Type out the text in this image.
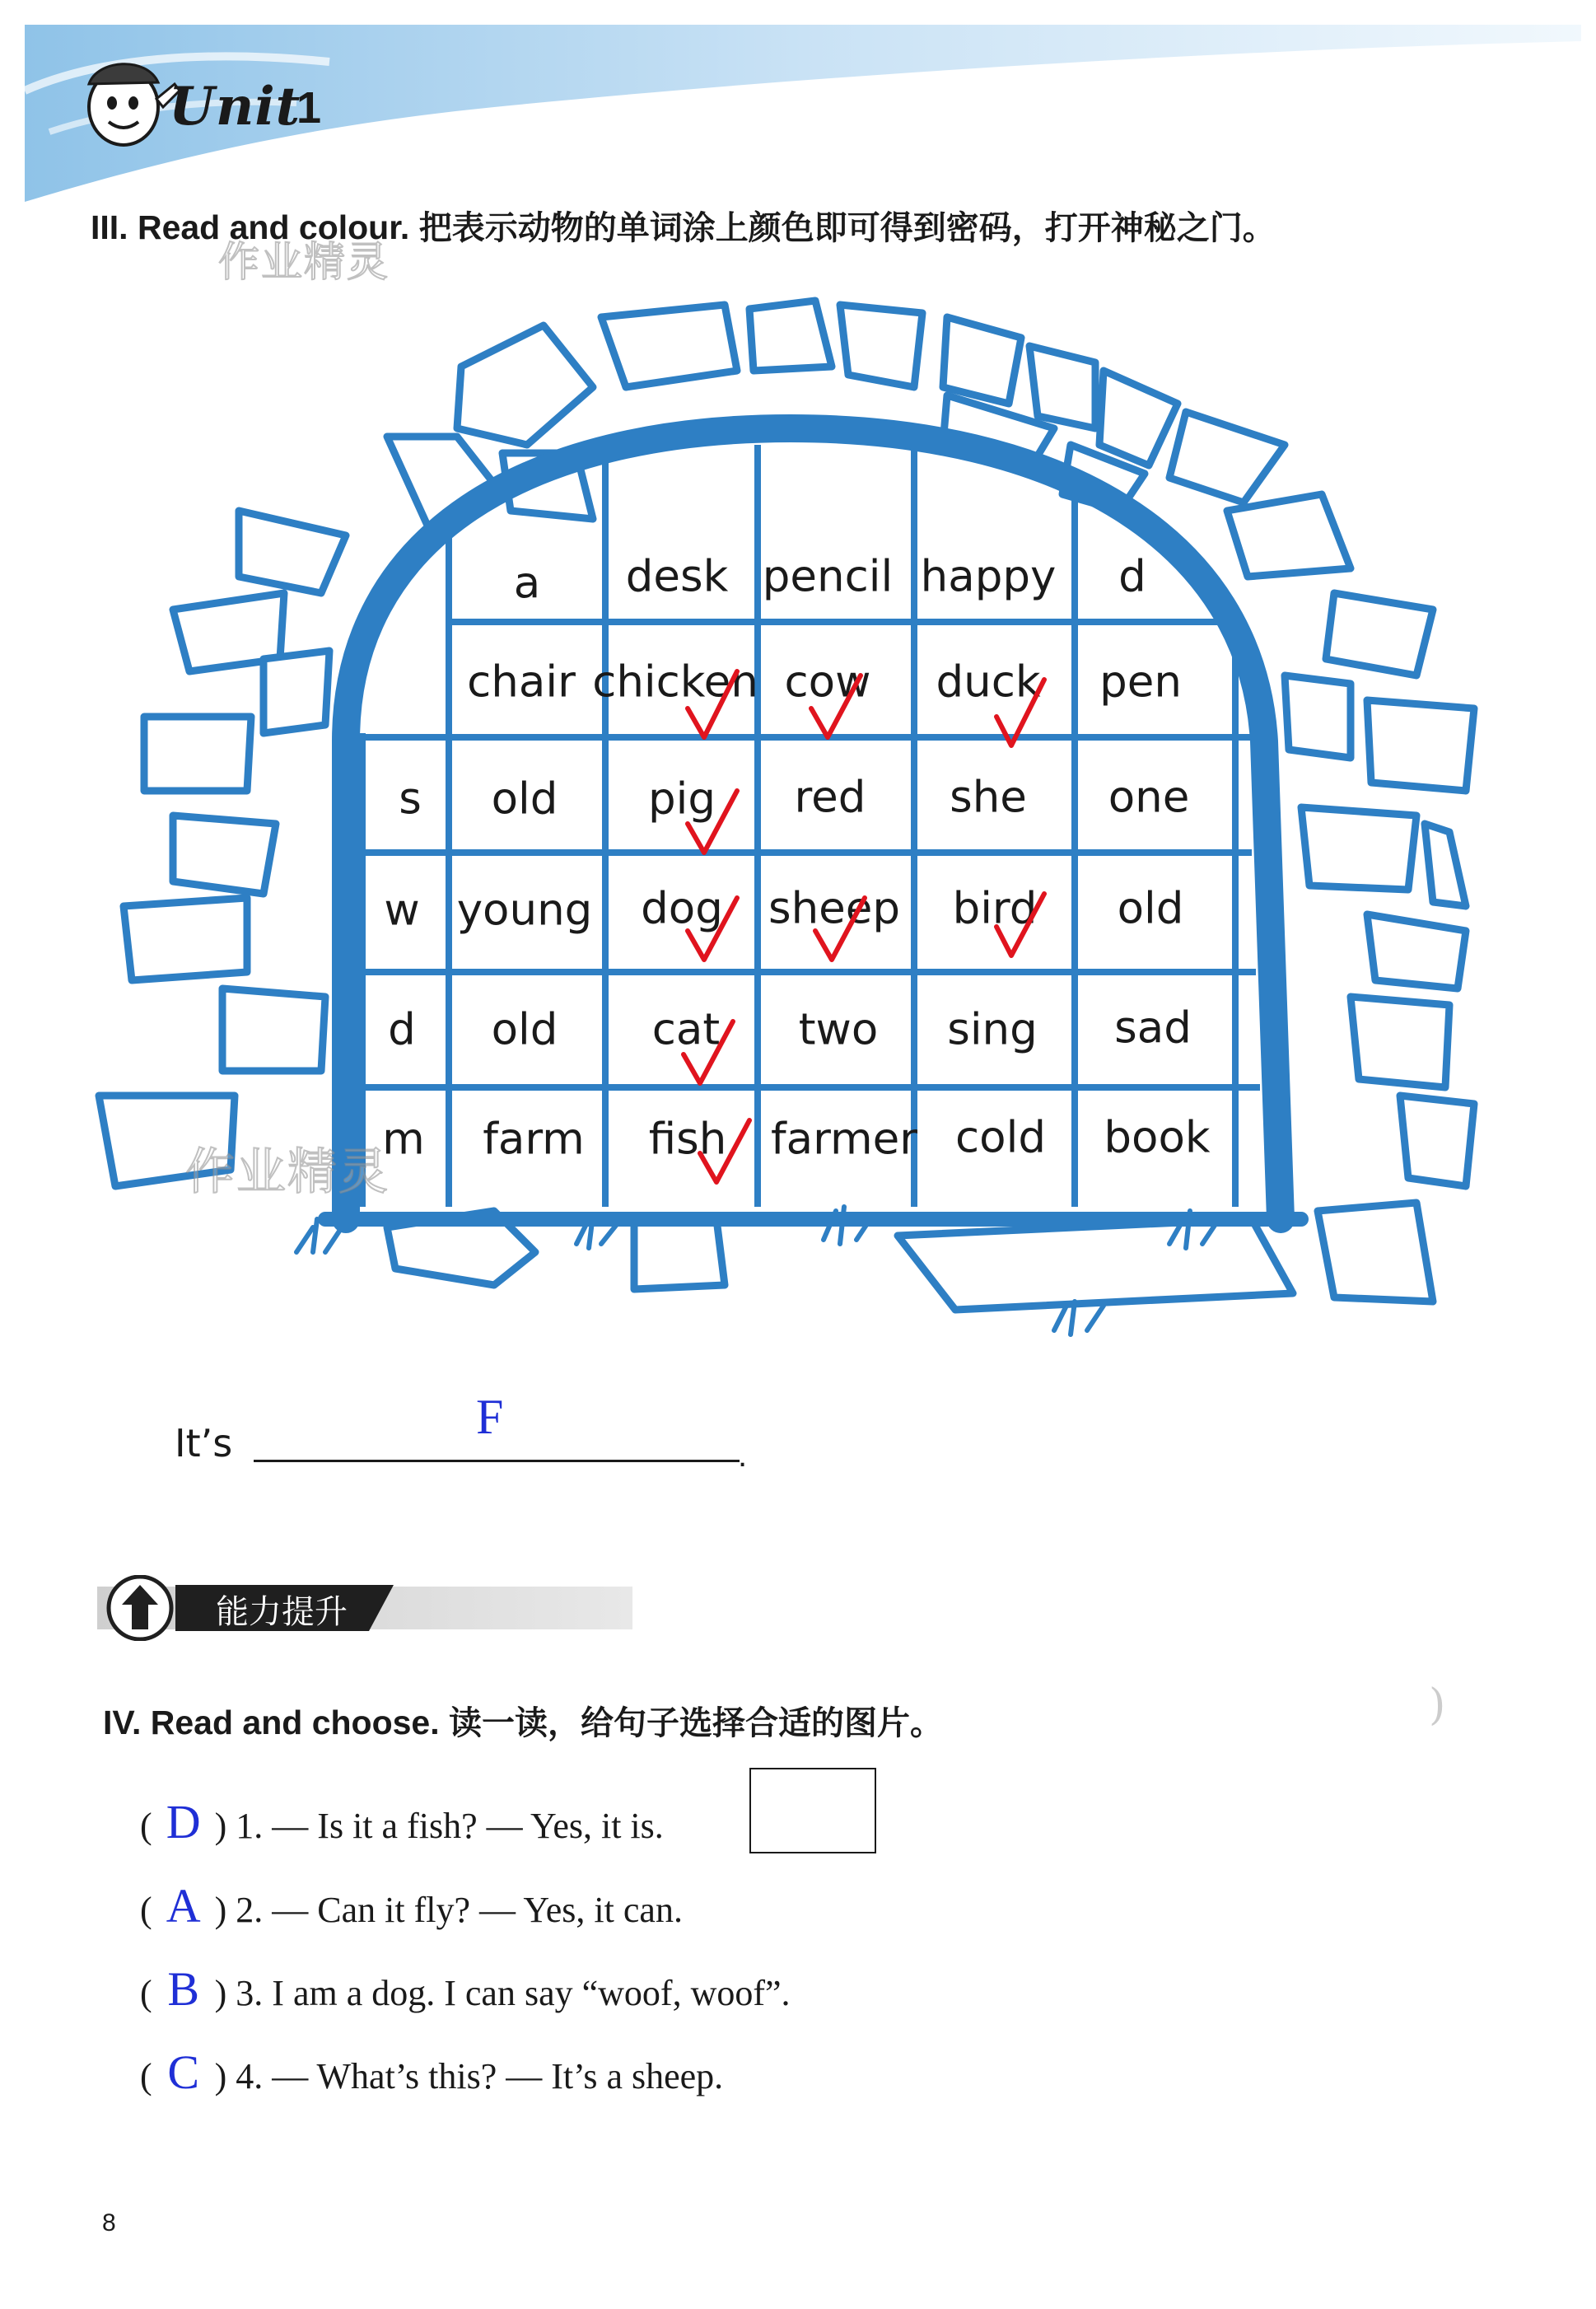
Unit
1
III. Read and colour. 把表示动物的单词涂上颜色即可得到密码，打开神秘之门。
作业精灵
a desk pencil happy d
chair chicken cow duck pen
s old pig red she one
w young dog sheep bird old
d old cat two sing sad
m farm fish farmer cold book
作业精灵
It’s	.
F
能力提升
IV. Read and choose. 读一读，给句子选择合适的图片。	)
( D ) 1. — Is it a fish? — Yes, it is.
( A ) 2. — Can it fly? — Yes, it can.
( B ) 3. I am a dog. I can say “woof, woof”.
( C ) 4. — What’s this? — It’s a sheep.
8
